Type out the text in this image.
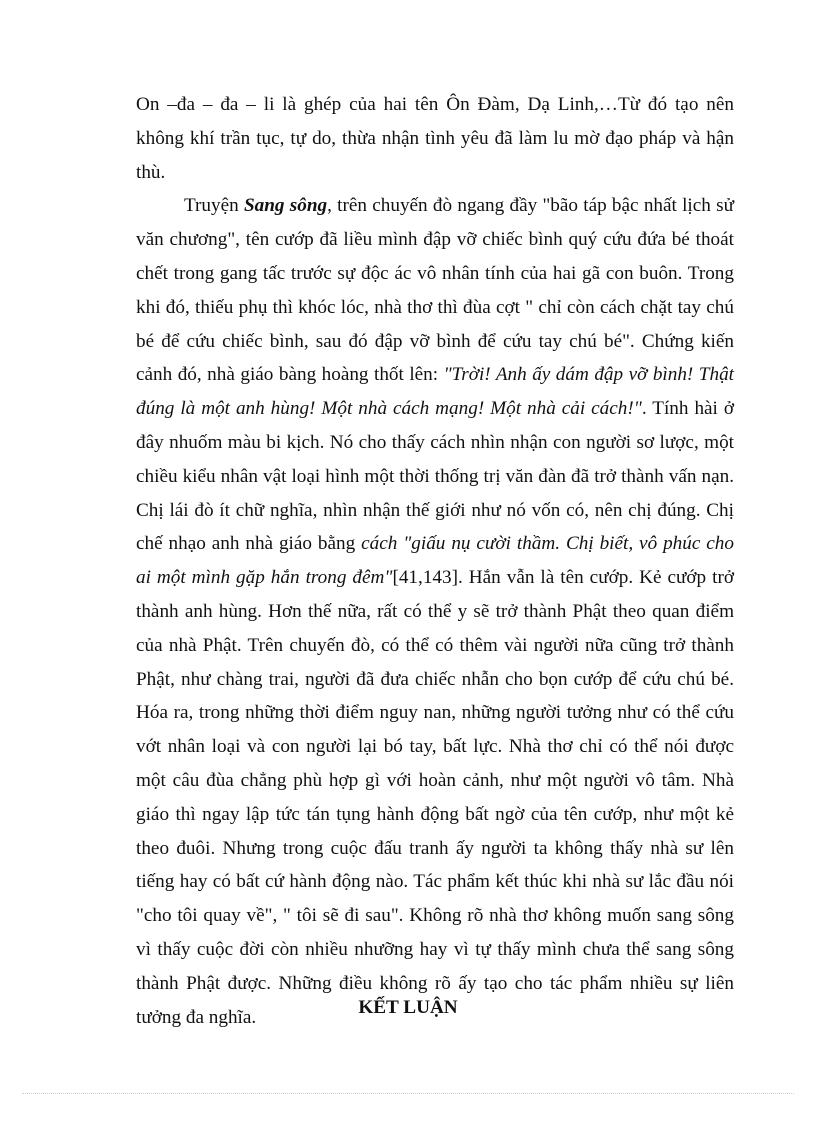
On –đa – đa – li là ghép của hai tên Ôn Đàm, Dạ Linh,…Từ đó tạo nên không khí trần tục, tự do, thừa nhận tình yêu đã làm lu mờ đạo pháp và hận thù.

Truyện Sang sông, trên chuyến đò ngang đầy "bão táp bậc nhất lịch sử văn chương", tên cướp đã liều mình đập vỡ chiếc bình quý cứu đứa bé thoát chết trong gang tấc trước sự độc ác vô nhân tính của hai gã con buôn. Trong khi đó, thiếu phụ thì khóc lóc, nhà thơ thì đùa cợt " chỉ còn cách chặt tay chú bé để cứu chiếc bình, sau đó đập vỡ bình để cứu tay chú bé". Chứng kiến cảnh đó, nhà giáo bàng hoàng thốt lên: "Trời! Anh ấy dám đập vỡ bình! Thật đúng là một anh hùng! Một nhà cách mạng! Một nhà cải cách!". Tính hài ở đây nhuốm màu bi kịch. Nó cho thấy cách nhìn nhận con người sơ lược, một chiều kiểu nhân vật loại hình một thời thống trị văn đàn đã trở thành vấn nạn. Chị lái đò ít chữ nghĩa, nhìn nhận thế giới như nó vốn có, nên chị đúng. Chị chế nhạo anh nhà giáo bằng cách "giấu nụ cười thầm. Chị biết, vô phúc cho ai một mình gặp hắn trong đêm"[41,143]. Hắn vẫn là tên cướp. Kẻ cướp trở thành anh hùng. Hơn thế nữa, rất có thể y sẽ trở thành Phật theo quan điểm của nhà Phật. Trên chuyến đò, có thể có thêm vài người nữa cũng trở thành Phật, như chàng trai, người đã đưa chiếc nhẫn cho bọn cướp để cứu chú bé. Hóa ra, trong những thời điểm nguy nan, những người tưởng như có thể cứu vớt nhân loại và con người lại bó tay, bất lực. Nhà thơ chỉ có thể nói được một câu đùa chẳng phù hợp gì với hoàn cảnh, như một người vô tâm. Nhà giáo thì ngay lập tức tán tụng hành động bất ngờ của tên cướp, như một kẻ theo đuôi. Nhưng trong cuộc đấu tranh ấy người ta không thấy nhà sư lên tiếng hay có bất cứ hành động nào. Tác phẩm kết thúc khi nhà sư lắc đầu nói "cho tôi quay về", " tôi sẽ đi sau". Không rõ nhà thơ không muốn sang sông vì thấy cuộc đời còn nhiều nhưỡng hay vì tự thấy mình chưa thể sang sông thành Phật được. Những điều không rõ ấy tạo cho tác phẩm nhiều sự liên tưởng đa nghĩa.	KẾT LUẬN
